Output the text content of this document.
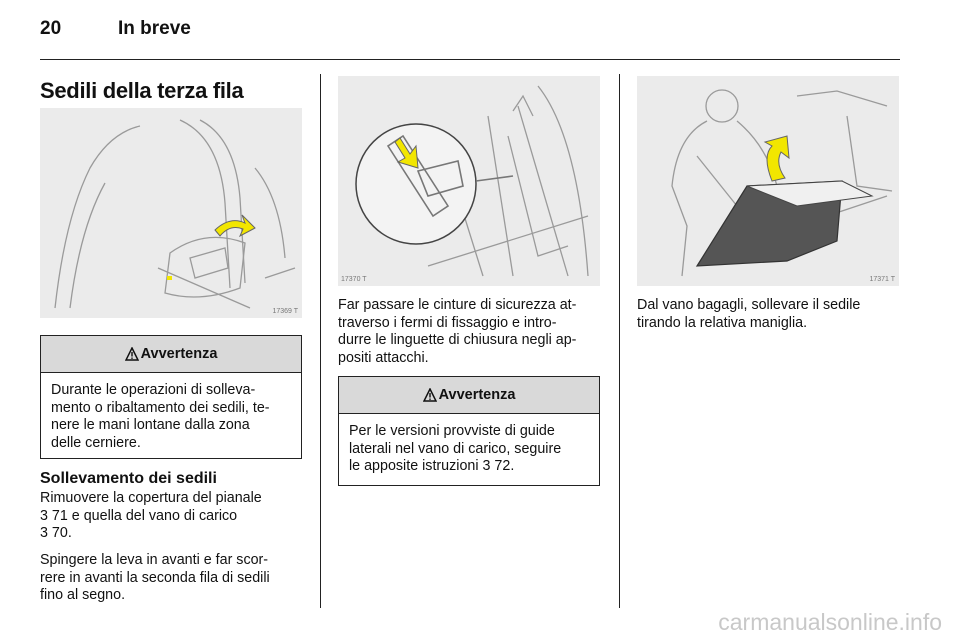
20	In breve
Sedili della terza fila
17369 T
Avvertenza
Durante le operazioni di solleva-
mento o ribaltamento dei sedili, te-
nere le mani lontane dalla zona
delle cerniere.
Sollevamento dei sedili
Rimuovere la copertura del pianale
3 71 e quella del vano di carico
3 70.
Spingere la leva in avanti e far scor-
rere in avanti la seconda fila di sedili
fino al segno.
17370 T
Far passare le cinture di sicurezza at-
traverso i fermi di fissaggio e intro-
durre le linguette di chiusura negli ap-
positi attacchi.
Avvertenza
Per le versioni provviste di guide
laterali nel vano di carico, seguire
le apposite istruzioni 3 72.
17371 T
Dal vano bagagli, sollevare il sedile
tirando la relativa maniglia.
carmanualsonline.info
